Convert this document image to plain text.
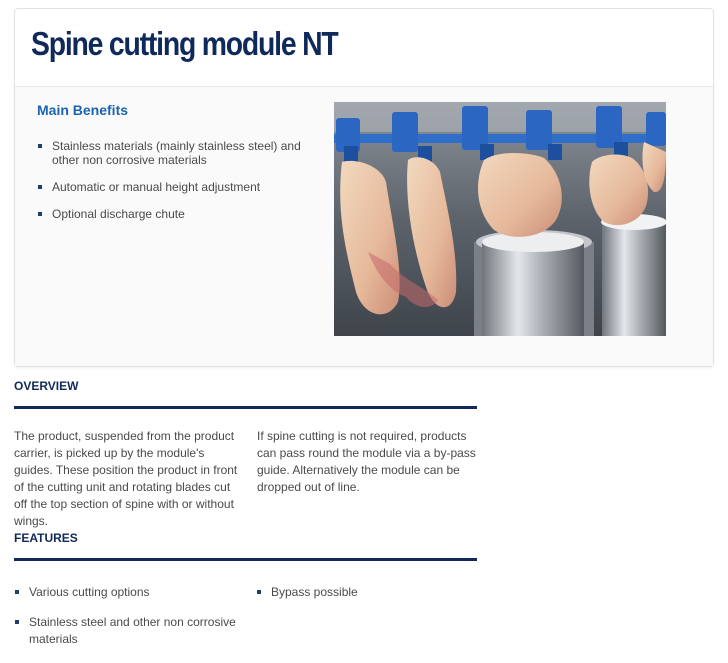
Spine cutting module NT
Main Benefits
Stainless materials (mainly stainless steel) and other non corrosive materials
Automatic or manual height adjustment
Optional discharge chute
OVERVIEW

The product, suspended from the product carrier, is picked up by the module's guides. These position the product in front of the cutting unit and rotating blades cut off the top section of spine with or without wings.

If spine cutting is not required, products can pass round the module via a by-pass guide. Alternatively the module can be dropped out of line.

FEATURES
Various cutting options
Stainless steel and other non corrosive materials
Bypass possible
